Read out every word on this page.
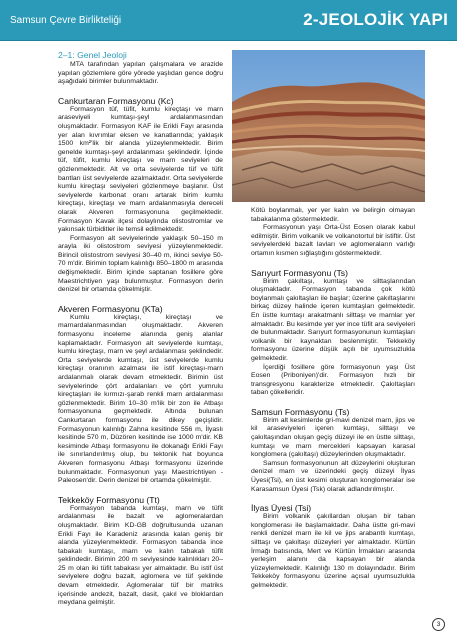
Samsun Çevre Birlikteliği	2-JEOLOJİK YAPI
2–1: Genel Jeoloji

MTA tarafından yapılan çalışmalara ve arazide yapılan gözlemlere göre yörede yaşlıdan gence doğru aşağıdaki birimler bulunmaktadır.

Cankurtaran Formasyonu (Kc)

Formasyon tüf, tüfit, kumlu kireçtaşı ve marn araseviyeli kumtaşı-şeyl ardalanmasından oluşmaktadır. Formasyon KAF ile Erikli Fayı arasında yer alan kıvrımlar eksen ve kanatlarında; yaklaşık 1500 km²'lik bir alanda yüzeylenmektedir. Birim genelde kumtaşı-şeyl ardalanması şeklindedir. İçinde tüf, tüfit, kumlu kireçtaşı ve marn seviyeleri de gözlenmektedir. Alt ve orta seviyelerde tüf ve tüfit bantları üst seviyelerde azalmaktadır. Orta seviyelerde kumlu kireçtaşı seviyeleri gözlenmeye başlanır. Üst seviyelerde karbonat oranı artarak birim kumlu kireçtaşı, kireçtaşı ve marn ardalanmasıyla dereceli olarak Akveren formasyonuna geçilmektedir. Formasyon Kavak ilçesi dolaylında olistostromlar ve yakınsak türbiditler ile temsil edilmektedir.

Formasyon alt seviyelerinde yaklaşık 50–150 m arayla iki olistostrom seviyesi yüzeylenmektedir. Birincil olistostrom seviyesi 30–40 m, ikinci seviye 50-70 m'dir. Birimin toplam kalınlığı 850–1800 m arasında değişmektedir. Birim içinde saptanan fosillere göre Maestrichtiyen yaşı bulunmuştur. Formasyon derin denizel bir ortamda çökelmiştir.

Akveren Formasyonu (KTa)

Kumlu kireçtaşı, kireçtaşı ve marnardalanmasından oluşmaktadır. Akveren formasyonu inceleme alanında geniş alanlar kaplamaktadır. Formasyon alt seviyelerde kumtaşı, kumlu kireçtaşı, marn ve şeyl ardalanması şeklindedir. Orta seviyelerde kumtaşı, üst seviyelerde kumlu kireçtaşı oranının azalması ile istif kireçtaşı-marn ardalanmalı olarak devam etmektedir. Birimin üst seviyelerinde çört ardalanları ve çört yumrulu kireçtaşları ile kırmızı-şarab renkli marn ardalanması gözlenmektedir. Birim 10–30 m'lik bir zon ile Atbaşı formasyonuna geçmektedir. Altında bulunan Cankurtaran formasyonu ile dikey geçişlidir. Formasyonun kalınlığı Zahna kesitinde 556 m, İlyaslı kesitinde 570 m, Düzören kesitinde ise 1000 m'dir. KB kesiminde Atbaşı formasyonu ile dokanağı Erikli Fayı ile sınırlandırılmış olup, bu tektonik hat boyunca Akveren formasyonu Atbaşı formasyonu üzerinde bulunmaktadır. Formasyonun yaşı Maestrichtiyen - Paleosen'dir. Derin denizel bir ortamda çökelmiştir.

Tekkeköy Formasyonu (Tt)

Formasyon tabanda kumtaşı, marn ve tüfit ardalanması ile bazalt ve aglomeralardan oluşmaktadır. Birim KD-GB doğrultusunda uzanan Erikli Fayı ile Karadeniz arasında kalan geniş bir alanda yüzeylenmektedir. Formasyon tabanda ince tabakalı kumtaşı, marn ve kalın tabakalı tüfit şeklindedir. Birimin 200 m seviyesinde kalınlıkları 20–25 m olan iki tüfit tabakası yer almaktadır. Bu istif üst seviyelere doğru bazalt, aglomera ve tüf şeklinde devam etmektedir. Aglomeralar tüf bir matriks içerisinde andezit, bazalt, dasit, çakıl ve bloklardan meydana gelmiştir.

Kötü boylanmalı, yer yer kalın ve belirgin olmayan tabakalanma göstermektedir.

Formasyonun yaşı Orta-Üst Eosen olarak kabul edilmiştir. Birim volkanik ve volkanotortul bir istiftir. Üst seviyelerdeki bazalt lavları ve aglomeraların varlığı ortamın kısmen sığlaştığını göstermektedir.

Sarıyurt Formasyonu (Ts)

Birim çakıltaşı, kumtaşı ve silttaşlarından oluşmaktadır. Formasyon tabanda çok kötü boylanmalı çakıltaşları ile başlar; üzerine çakıltaşlarını birkaç düzey halinde içeren kumtaşları gelmektedir. En üstte kumtaşı arakatmanlı silttaşı ve marnlar yer almaktadır. Bu kesimde yer yer ince tüfit ara seviyeleri de bulunmaktadır. Sarıyurt formasyonunun kumtaşları volkanik bir kaynaktan beslenmiştir. Tekkeköy formasyonu üzerine düşük açılı bir uyumsuzlukla gelmektedir.

İçerdiği fosillere göre formasyonun yaşı Üst Eosen (Priboniyen)'dir. Formasyon hızlı bir transgresyonu karakterize etmektedir. Çakıltaşları taban çökelleridir.

Samsun Formasyonu (Ts)

Birim alt kesimlerde gri-mavi denizel marn, jips ve kil araseviyeleri içeren kumtaşı, silttaşı ve çakıltaşından oluşan geçiş düzeyi ile en üstte silttaşı, kumtaşı ve marn mercekleri kapsayan karasal konglomera (çakıltaşı) düzeylerinden oluşmaktadır.

Samsun formasyonunun alt düzeylerini oluşturan denizel marn ve üzerindeki geçiş düzeyi İlyas Üyesi(Tsi), en üst kesimi oluşturan konglomeralar ise Karasamsun Üyesi (Tsk) olarak adlandırılmıştır.

İlyas Üyesi (Tsi)

Birim volkanik çakıllardan oluşan bir taban konglomerası ile başlamaktadır. Daha üstte gri-mavi renkli denizel marn ile kil ve jips arabantlı kumtaşı, silttaşı ve çakıltaşı düzeyleri yer almaktadır. Kürtün İrmağı batısında, Mert ve Kürtün İrmakları arasında yerleşim alanını da kapsayan bir alanda yüzeylemektedir. Kalınlığı 130 m dolayındadır. Birim Tekkeköy formasyonu üzerine açısal uyumsuzlukla gelmektedir.

3
